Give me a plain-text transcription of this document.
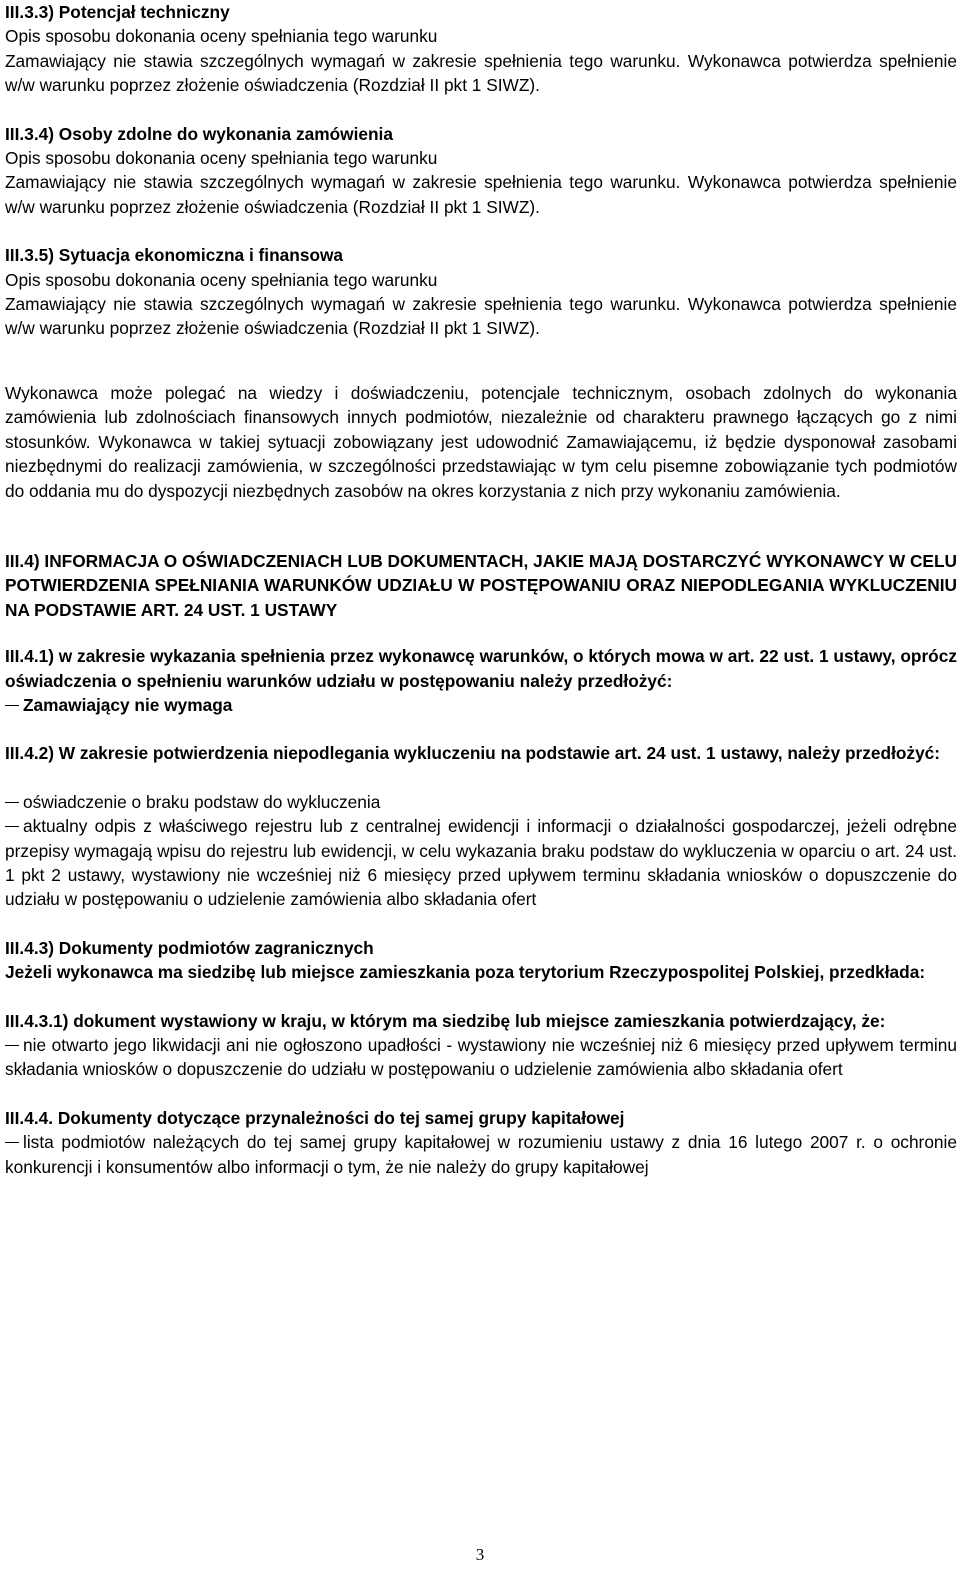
III.3.3) Potencjał techniczny

Opis sposobu dokonania oceny spełniania tego warunku

Zamawiający nie stawia szczególnych wymagań w zakresie spełnienia tego warunku. Wykonawca potwierdza spełnienie w/w warunku poprzez złożenie oświadczenia (Rozdział II pkt 1 SIWZ).

III.3.4) Osoby zdolne do wykonania zamówienia

Opis sposobu dokonania oceny spełniania tego warunku

Zamawiający nie stawia szczególnych wymagań w zakresie spełnienia tego warunku. Wykonawca potwierdza spełnienie w/w warunku poprzez złożenie oświadczenia (Rozdział II pkt 1 SIWZ).

III.3.5) Sytuacja ekonomiczna i finansowa

Opis sposobu dokonania oceny spełniania tego warunku

Zamawiający nie stawia szczególnych wymagań w zakresie spełnienia tego warunku. Wykonawca potwierdza spełnienie w/w warunku poprzez złożenie oświadczenia (Rozdział II pkt 1 SIWZ).

Wykonawca może polegać na wiedzy i doświadczeniu, potencjale technicznym, osobach zdolnych do wykonania zamówienia lub zdolnościach finansowych innych podmiotów, niezależnie od charakteru prawnego łączących go z nimi stosunków. Wykonawca w takiej sytuacji zobowiązany jest udowodnić Zamawiającemu, iż będzie dysponował zasobami niezbędnymi do realizacji zamówienia, w szczególności przedstawiając w tym celu pisemne zobowiązanie tych podmiotów do oddania mu do dyspozycji niezbędnych zasobów na okres korzystania z nich przy wykonaniu zamówienia.

III.4) INFORMACJA O OŚWIADCZENIACH LUB DOKUMENTACH, JAKIE MAJĄ DOSTARCZYĆ WYKONAWCY W CELU POTWIERDZENIA SPEŁNIANIA WARUNKÓW UDZIAŁU W POSTĘPOWANIU ORAZ NIEPODLEGANIA WYKLUCZENIU NA PODSTAWIE ART. 24 UST. 1 USTAWY

III.4.1) w zakresie wykazania spełnienia przez wykonawcę warunków, o których mowa w art. 22 ust. 1 ustawy, oprócz oświadczenia o spełnieniu warunków udziału w postępowaniu należy przedłożyć:

Zamawiający nie wymaga

III.4.2) W zakresie potwierdzenia niepodlegania wykluczeniu na podstawie art. 24 ust. 1 ustawy, należy przedłożyć:

oświadczenie o braku podstaw do wykluczenia

aktualny odpis z właściwego rejestru lub z centralnej ewidencji i informacji o działalności gospodarczej, jeżeli odrębne przepisy wymagają wpisu do rejestru lub ewidencji, w celu wykazania braku podstaw do wykluczenia w oparciu o art. 24 ust. 1 pkt 2 ustawy, wystawiony nie wcześniej niż 6 miesięcy przed upływem terminu składania wniosków o dopuszczenie do udziału w postępowaniu o udzielenie zamówienia albo składania ofert

III.4.3) Dokumenty podmiotów zagranicznych

Jeżeli wykonawca ma siedzibę lub miejsce zamieszkania poza terytorium Rzeczypospolitej Polskiej, przedkłada:

III.4.3.1) dokument wystawiony w kraju, w którym ma siedzibę lub miejsce zamieszkania potwierdzający, że:

nie otwarto jego likwidacji ani nie ogłoszono upadłości - wystawiony nie wcześniej niż 6 miesięcy przed upływem terminu składania wniosków o dopuszczenie do udziału w postępowaniu o udzielenie zamówienia albo składania ofert

III.4.4. Dokumenty dotyczące przynależności do tej samej grupy kapitałowej

lista podmiotów należących do tej samej grupy kapitałowej w rozumieniu ustawy z dnia 16 lutego 2007 r. o ochronie konkurencji i konsumentów albo informacji o tym, że nie należy do grupy kapitałowej

3
